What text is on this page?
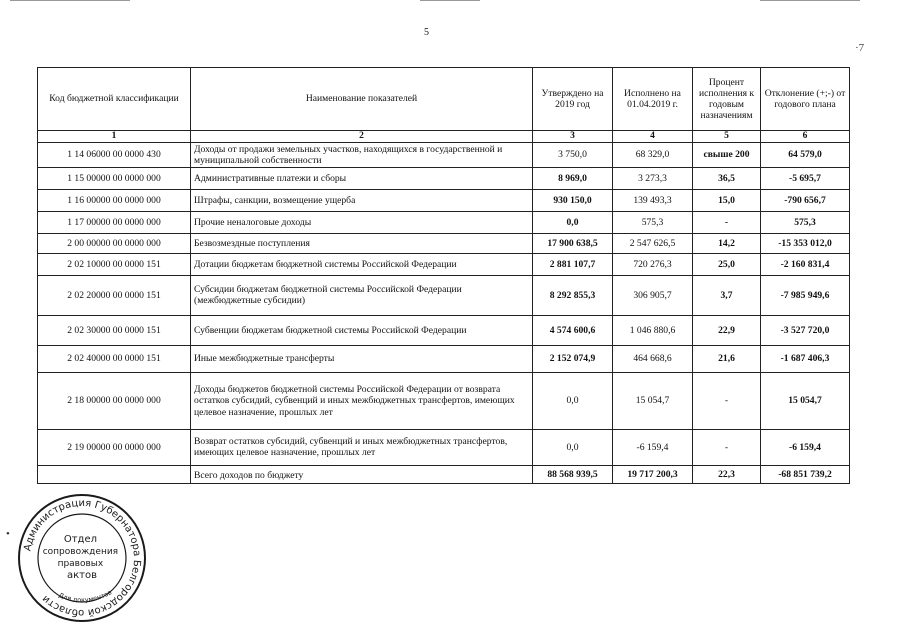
5
·7
•
Код бюджетной классификации	Наименование показателей	Утверждено на 2019 год	Исполнено на 01.04.2019 г.	Процент исполнения к годовым назначениям	Отклонение (+;-) от годового плана
1	2	3	4	5	6
1 14 06000 00 0000 430	Доходы от продажи земельных участков, находящихся в государственной и муниципальной собственности	3 750,0	68 329,0	свыше 200	64 579,0
1 15 00000 00 0000 000	Административные платежи и сборы	8 969,0	3 273,3	36,5	-5 695,7
1 16 00000 00 0000 000	Штрафы, санкции, возмещение ущерба	930 150,0	139 493,3	15,0	-790 656,7
1 17 00000 00 0000 000	Прочие неналоговые доходы	0,0	575,3	-	575,3
2 00 00000 00 0000 000	Безвозмездные поступления	17 900 638,5	2 547 626,5	14,2	-15 353 012,0
2 02 10000 00 0000 151	Дотации бюджетам бюджетной системы Российской Федерации	2 881 107,7	720 276,3	25,0	-2 160 831,4
2 02 20000 00 0000 151	Субсидии бюджетам бюджетной системы Российской Федерации (межбюджетные субсидии)	8 292 855,3	306 905,7	3,7	-7 985 949,6
2 02 30000 00 0000 151	Субвенции бюджетам бюджетной системы Российской Федерации	4 574 600,6	1 046 880,6	22,9	-3 527 720,0
2 02 40000 00 0000 151	Иные межбюджетные трансферты	2 152 074,9	464 668,6	21,6	-1 687 406,3
2 18 00000 00 0000 000	Доходы бюджетов бюджетной системы Российской Федерации от возврата остатков субсидий, субвенций и иных межбюджетных трансфертов, имеющих целевое назначение, прошлых лет	0,0	15 054,7	-	15 054,7
2 19 00000 00 0000 000	Возврат остатков субсидий, субвенций и иных межбюджетных трансфертов, имеющих целевое назначение, прошлых лет	0,0	-6 159,4	-	-6 159,4
	Всего доходов по бюджету	88 568 939,5	19 717 200,3	22,3	-68 851 739,2
Администрация Губернатора Белгородской области
Отдел сопровождения правовых актов
Для документов
